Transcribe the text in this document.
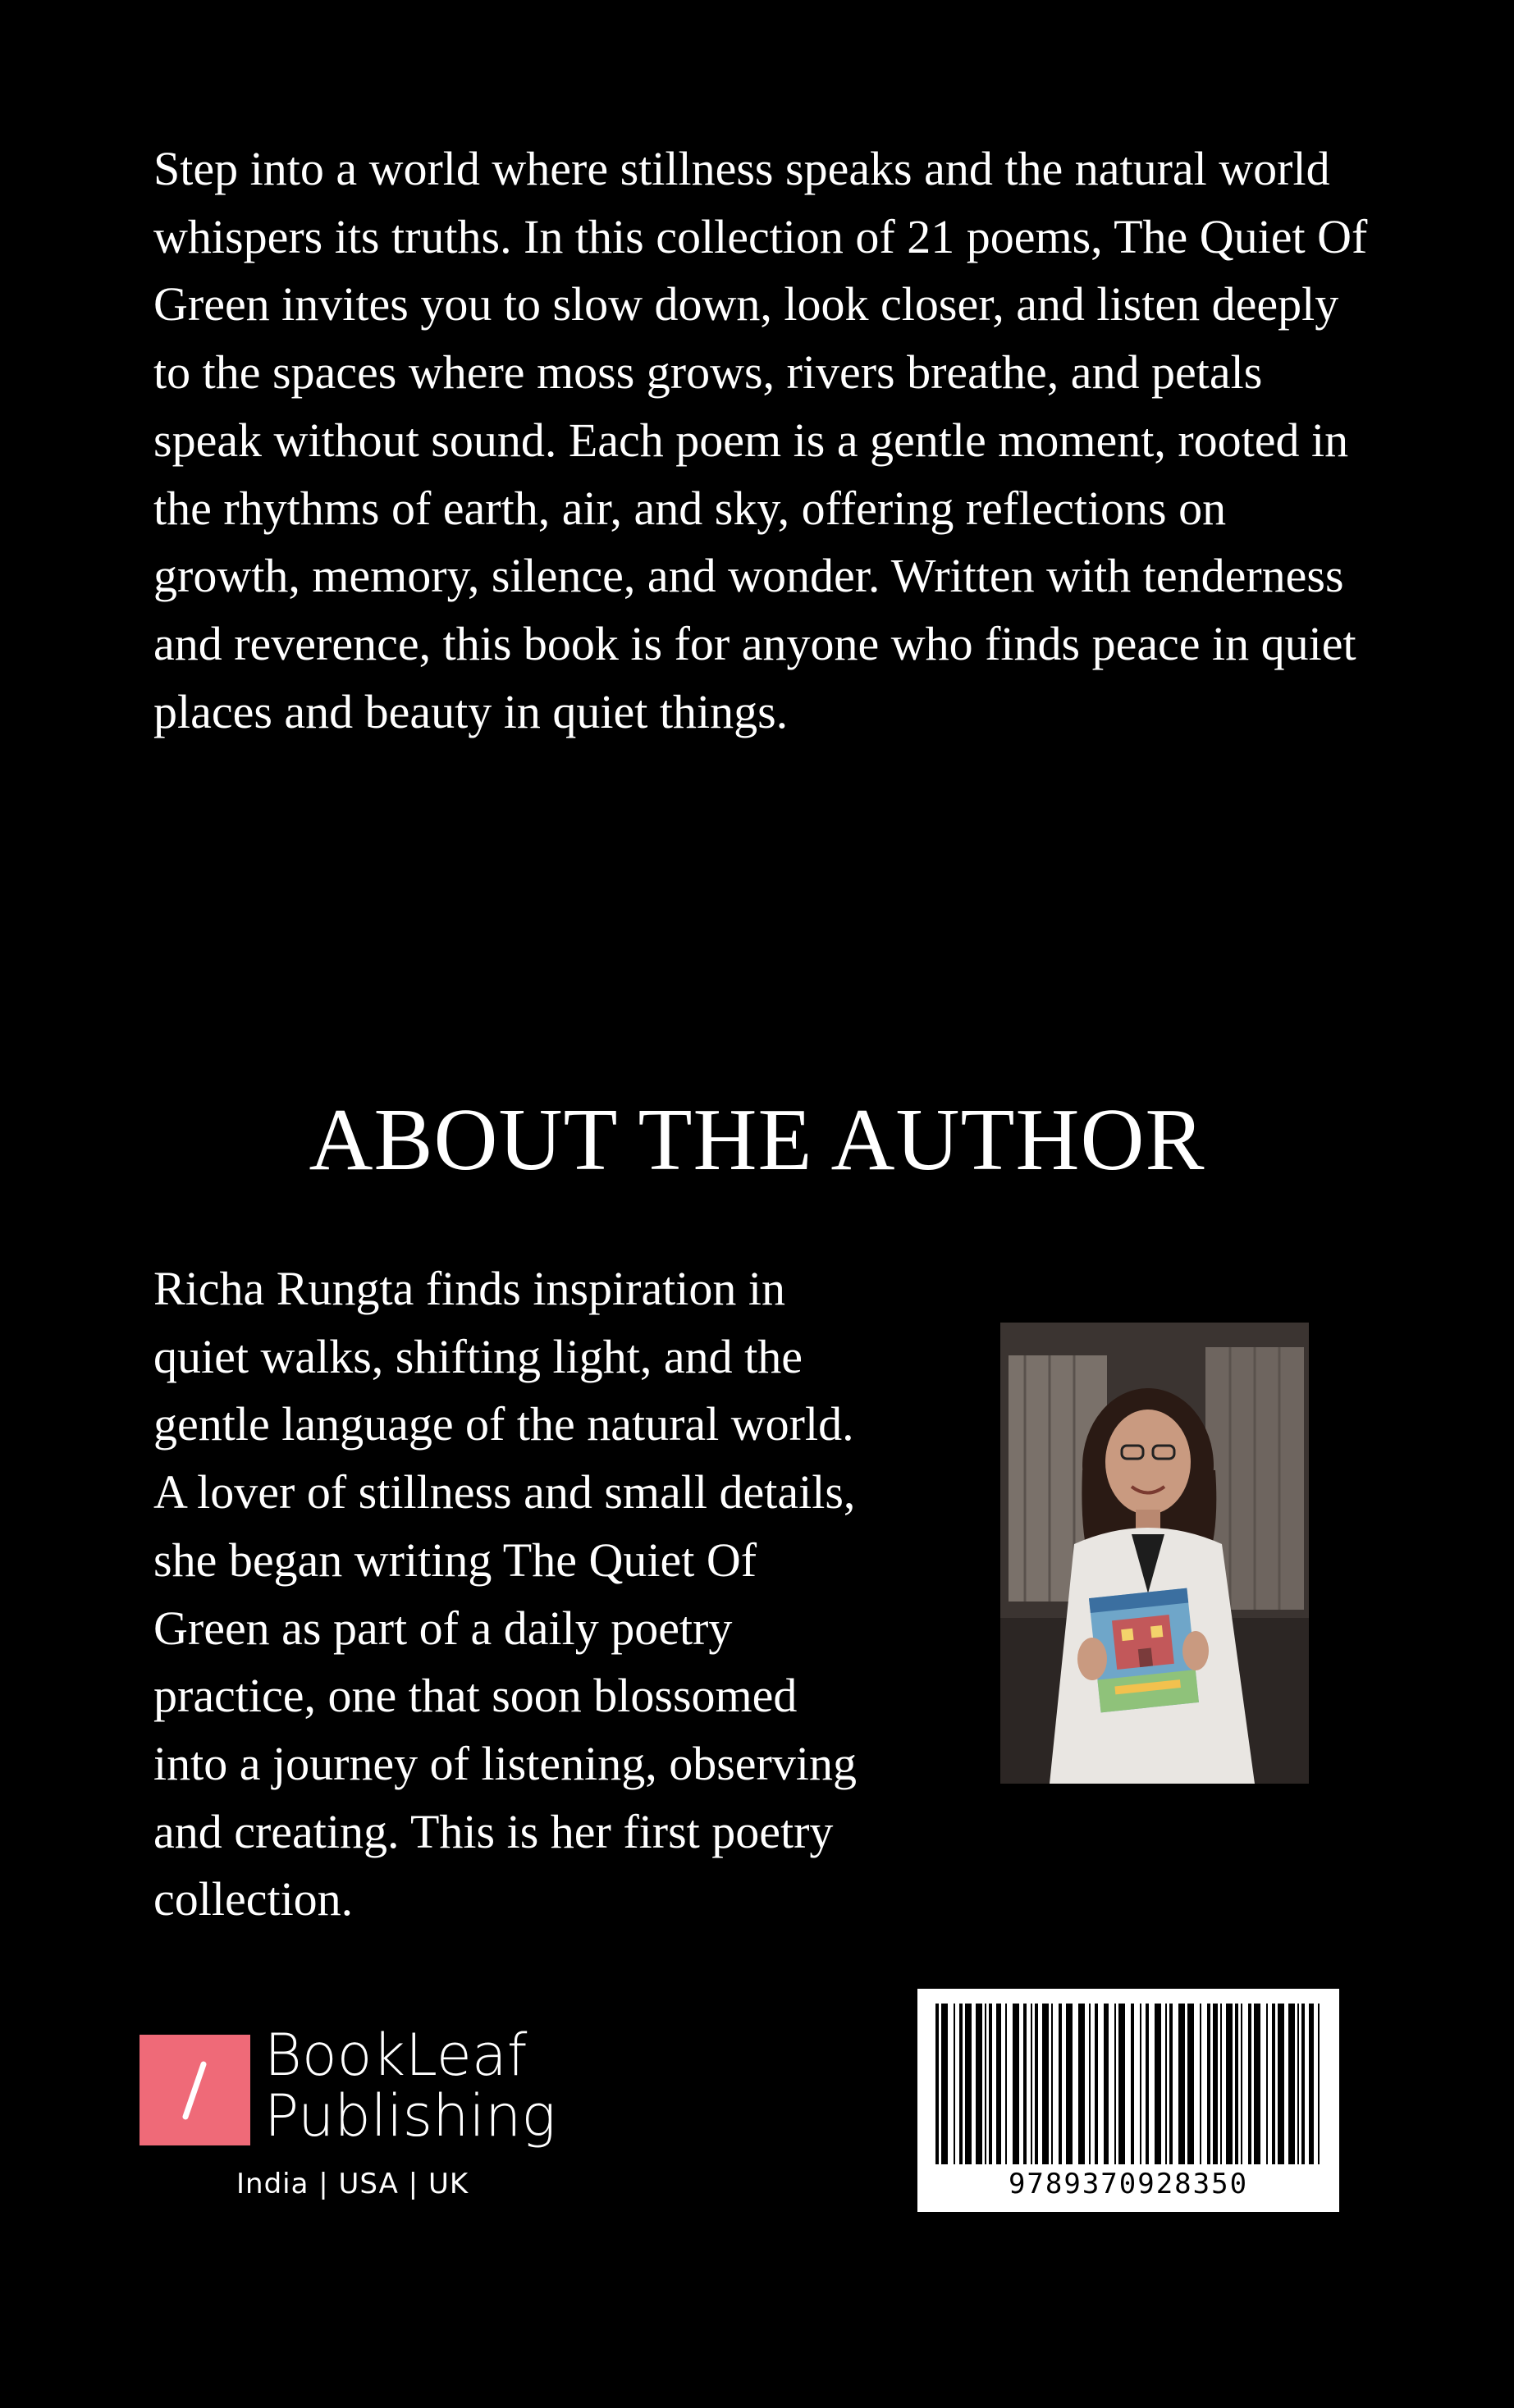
Step into a world where stillness speaks and the natural world whispers its truths. In this collection of 21 poems, The Quiet Of Green invites you to slow down, look closer, and listen deeply to the spaces where moss grows, rivers breathe, and petals speak without sound. Each poem is a gentle moment, rooted in the rhythms of earth, air, and sky, offering reflections on growth, memory, silence, and wonder. Written with tenderness and reverence, this book is for anyone who finds peace in quiet places and beauty in quiet things.

ABOUT THE AUTHOR

Richa Rungta finds inspiration in
quiet walks, shifting light, and the
gentle language of the natural world.
A lover of stillness and small details,
she began writing The Quiet Of
Green as part of a daily poetry
practice, one that soon blossomed
into a journey of listening, observing
and creating. This is her first poetry
collection.

BookLeaf
Publishing
India | USA | UK	9789370928350
